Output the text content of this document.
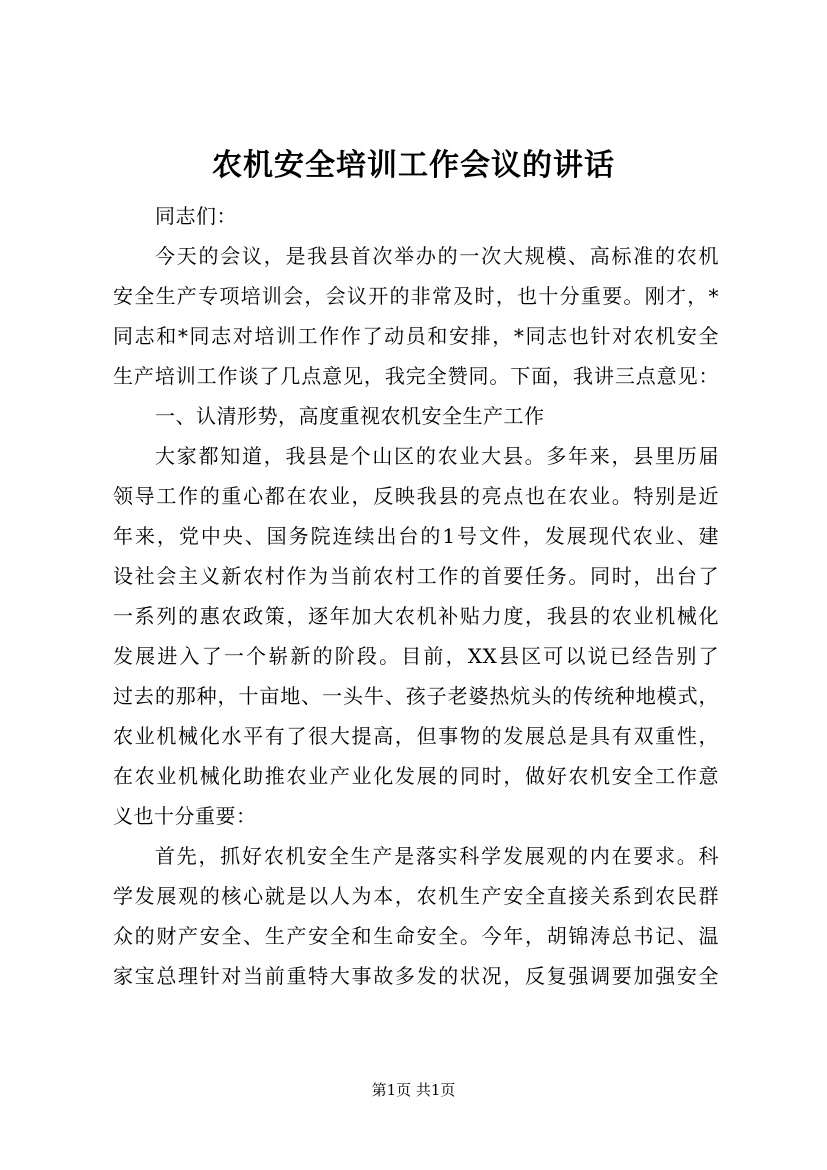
农机安全培训工作会议的讲话
同志们：
今天的会议，是我县首次举办的一次大规模、高标准的农机
安全生产专项培训会，会议开的非常及时，也十分重要。刚才，*
同志和*同志对培训工作作了动员和安排，*同志也针对农机安全
生产培训工作谈了几点意见，我完全赞同。下面，我讲三点意见：
一、认清形势，高度重视农机安全生产工作
大家都知道，我县是个山区的农业大县。多年来，县里历届
领导工作的重心都在农业，反映我县的亮点也在农业。特别是近
年来，党中央、国务院连续出台的1号文件，发展现代农业、建
设社会主义新农村作为当前农村工作的首要任务。同时，出台了
一系列的惠农政策，逐年加大农机补贴力度，我县的农业机械化
发展进入了一个崭新的阶段。目前，XX县区可以说已经告别了
过去的那种，十亩地、一头牛、孩子老婆热炕头的传统种地模式，
农业机械化水平有了很大提高，但事物的发展总是具有双重性，
在农业机械化助推农业产业化发展的同时，做好农机安全工作意
义也十分重要：
首先，抓好农机安全生产是落实科学发展观的内在要求。科
学发展观的核心就是以人为本，农机生产安全直接关系到农民群
众的财产安全、生产安全和生命安全。今年，胡锦涛总书记、温
家宝总理针对当前重特大事故多发的状况，反复强调要加强安全
第1页 共1页
